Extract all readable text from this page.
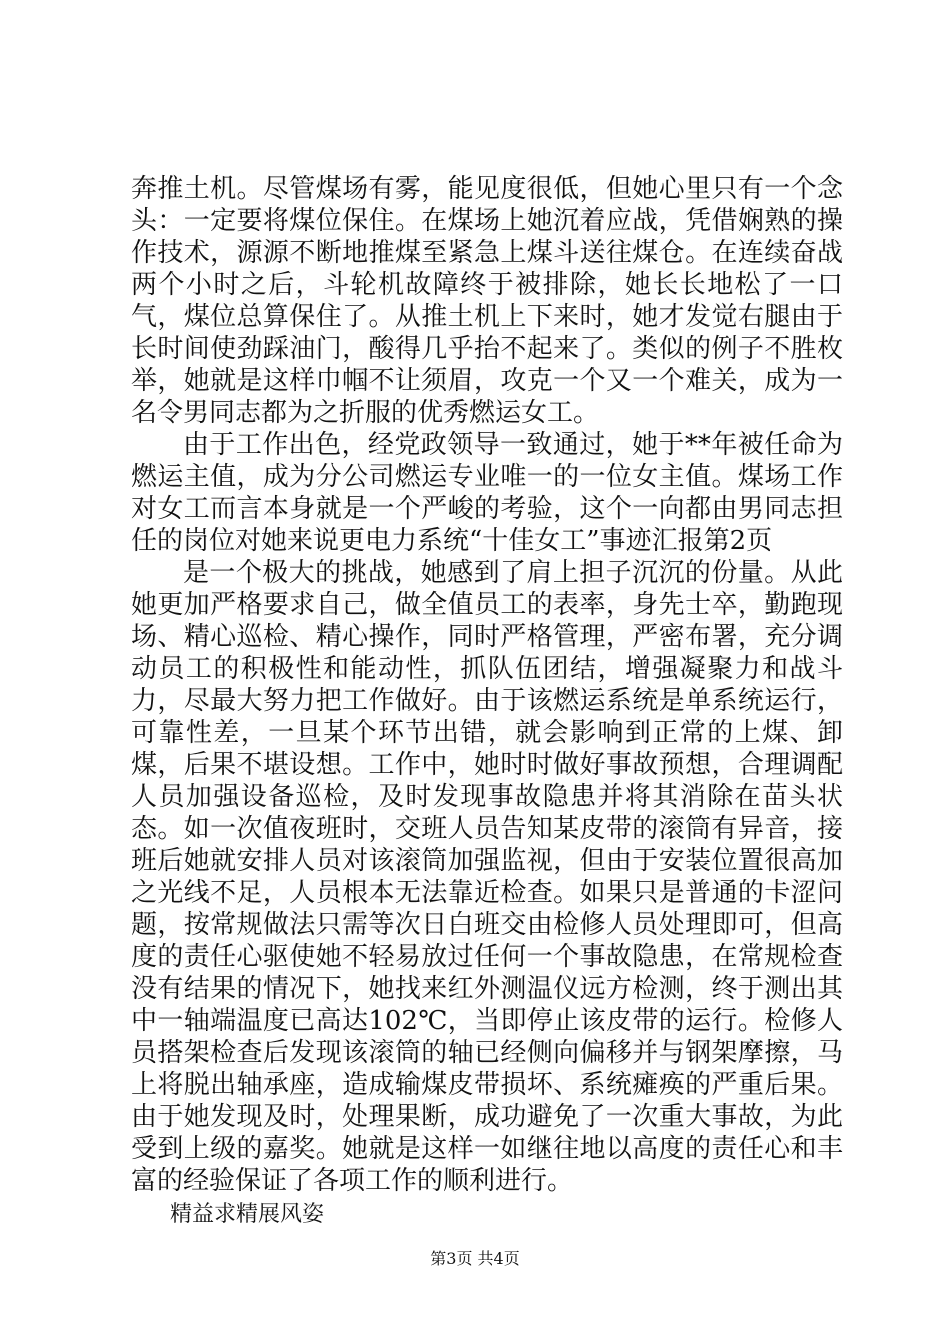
奔推土机。尽管煤场有雾，能见度很低，但她心里只有一个念头：一定要将煤位保住。在煤场上她沉着应战，凭借娴熟的操作技术，源源不断地推煤至紧急上煤斗送往煤仓。在连续奋战两个小时之后，斗轮机故障终于被排除，她长长地松了一口气，煤位总算保住了。从推土机上下来时，她才发觉右腿由于长时间使劲踩油门，酸得几乎抬不起来了。类似的例子不胜枚举，她就是这样巾帼不让须眉，攻克一个又一个难关，成为一名令男同志都为之折服的优秀燃运女工。

由于工作出色，经党政领导一致通过，她于**年被任命为燃运主值，成为分公司燃运专业唯一的一位女主值。煤场工作对女工而言本身就是一个严峻的考验，这个一向都由男同志担任的岗位对她来说更电力系统“十佳女工”事迹汇报第2页

是一个极大的挑战，她感到了肩上担子沉沉的份量。从此她更加严格要求自己，做全值员工的表率，身先士卒，勤跑现场、精心巡检、精心操作，同时严格管理，严密布署，充分调动员工的积极性和能动性，抓队伍团结，增强凝聚力和战斗力，尽最大努力把工作做好。由于该燃运系统是单系统运行，可靠性差，一旦某个环节出错，就会影响到正常的上煤、卸煤，后果不堪设想。工作中，她时时做好事故预想，合理调配人员加强设备巡检，及时发现事故隐患并将其消除在苗头状态。如一次值夜班时，交班人员告知某皮带的滚筒有异音，接班后她就安排人员对该滚筒加强监视，但由于安装位置很高加之光线不足，人员根本无法靠近检查。如果只是普通的卡涩问题，按常规做法只需等次日白班交由检修人员处理即可，但高度的责任心驱使她不轻易放过任何一个事故隐患，在常规检查没有结果的情况下，她找来红外测温仪远方检测，终于测出其中一轴端温度已高达102℃，当即停止该皮带的运行。检修人员搭架检查后发现该滚筒的轴已经侧向偏移并与钢架摩擦，马上将脱出轴承座，造成输煤皮带损坏、系统瘫痪的严重后果。由于她发现及时，处理果断，成功避免了一次重大事故，为此受到上级的嘉奖。她就是这样一如继往地以高度的责任心和丰富的经验保证了各项工作的顺利进行。

精益求精展风姿

第3页 共4页
